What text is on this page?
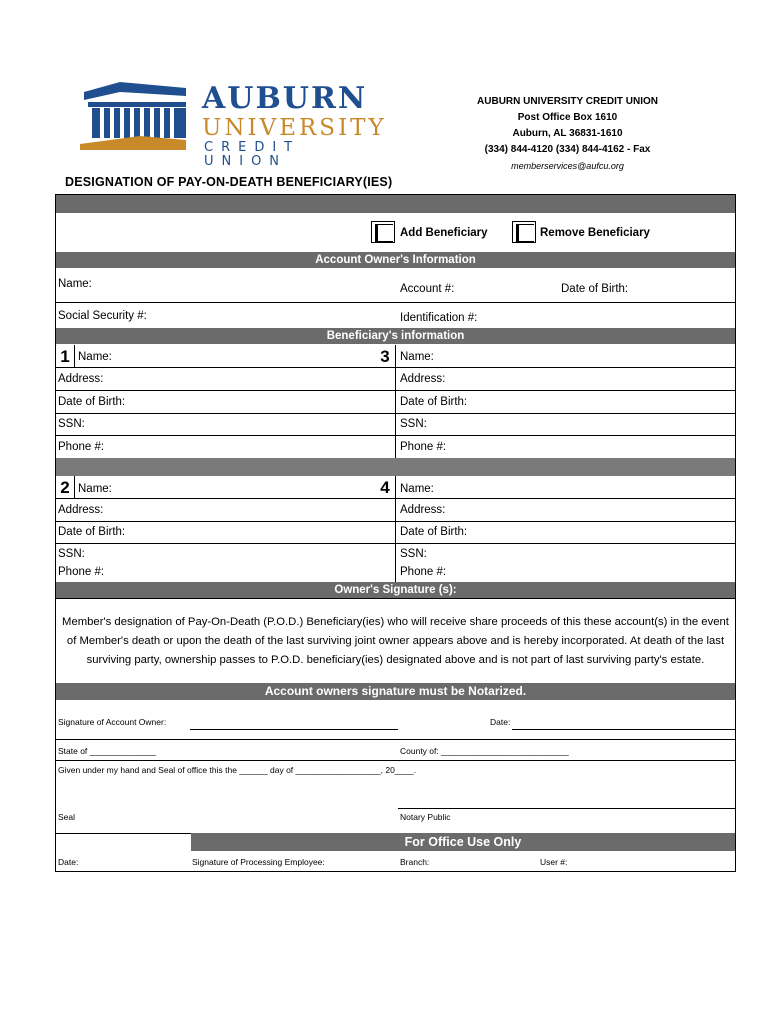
AUBURN
UNIVERSITY
CREDIT UNION
AUBURN UNIVERSITY CREDIT UNION
Post Office Box 1610
Auburn, AL 36831-1610
(334) 844-4120 (334) 844-4162 - Fax
memberservices@aufcu.org
DESIGNATION OF PAY-ON-DEATH BENEFICIARY(IES)
Add Beneficiary	Remove Beneficiary
Account Owner's Information
Name:	Account #:	Date of Birth:
Social Security #:	Identification #:
Beneficiary's information
1 Name:	3 Name:
Address:	Address:
Date of Birth:	Date of Birth:
SSN:	SSN:
Phone #:	Phone #:
2 Name:	4 Name:
Address:	Address:
Date of Birth:	Date of Birth:
SSN:	SSN:
Phone #:	Phone #:
Owner's Signature (s):
Member's designation of Pay-On-Death (P.O.D.) Beneficiary(ies) who will receive share proceeds of this these account(s) in the event of Member's death or upon the death of the last surviving joint owner appears above and is hereby incorporated. At death of the last surviving party, ownership passes to P.O.D. beneficiary(ies) designated above and is not part of last surviving party's estate.
Account owners signature must be Notarized.
Signature of Account Owner:	Date:
State of ______________	County of: ___________________________
Given under my hand and Seal of office this the ______ day of __________________, 20____.
Seal	Notary Public
For Office Use Only
Date:	Signature of Processing Employee:	Branch:	User #:
